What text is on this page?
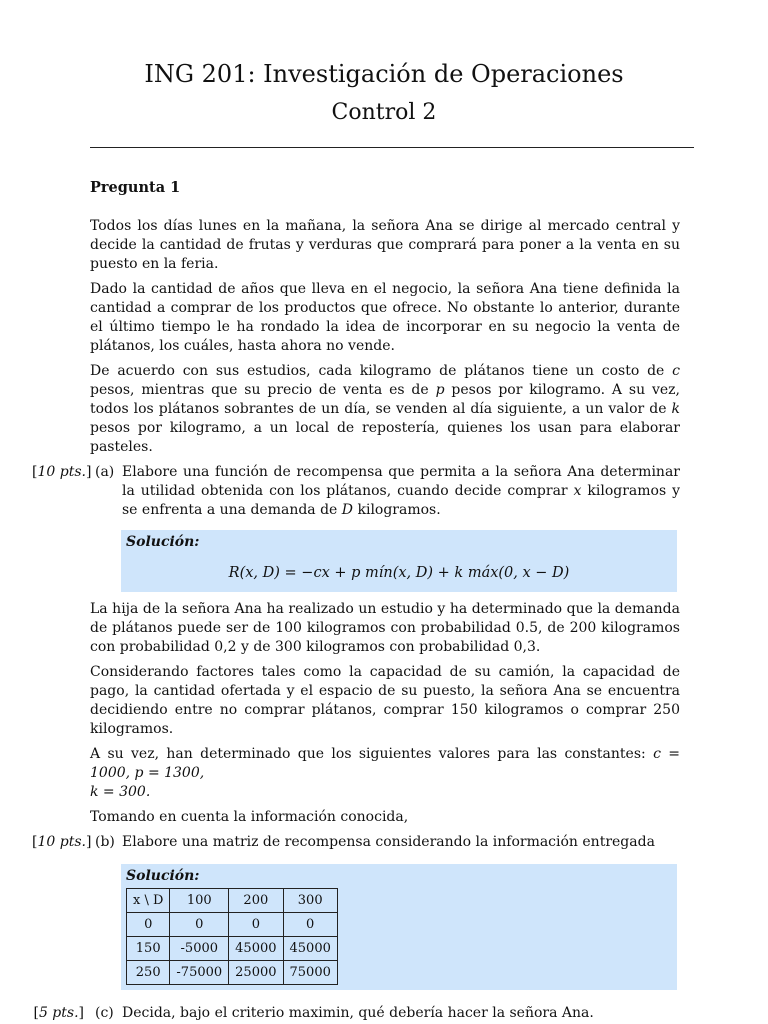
ING 201: Investigación de Operaciones
Control 2
Pregunta 1

Todos los días lunes en la mañana, la señora Ana se dirige al mercado central y decide la cantidad de frutas y verduras que comprará para poner a la venta en su puesto en la feria.

Dado la cantidad de años que lleva en el negocio, la señora Ana tiene definida la cantidad a comprar de los productos que ofrece. No obstante lo anterior, durante el último tiempo le ha rondado la idea de incorporar en su negocio la venta de plátanos, los cuáles, hasta ahora no vende.

De acuerdo con sus estudios, cada kilogramo de plátanos tiene un costo de c pesos, mientras que su precio de venta es de p pesos por kilogramo. A su vez, todos los plátanos sobrantes de un día, se venden al día siguiente, a un valor de k pesos por kilogramo, a un local de repostería, quienes los usan para elaborar pasteles.

[10 pts.] (a) Elabore una función de recompensa que permita a la señora Ana determinar la utilidad obtenida con los plátanos, cuando decide comprar x kilogramos y se enfrenta a una demanda de D kilogramos.
Solución:
R(x, D) = −cx + p mín(x, D) + k máx(0, x − D)

La hija de la señora Ana ha realizado un estudio y ha determinado que la demanda de plátanos puede ser de 100 kilogramos con probabilidad 0.5, de 200 kilogramos con probabilidad 0,2 y de 300 kilogramos con probabilidad 0,3.

Considerando factores tales como la capacidad de su camión, la capacidad de pago, la cantidad ofertada y el espacio de su puesto, la señora Ana se encuentra decidiendo entre no comprar plátanos, comprar 150 kilogramos o comprar 250 kilogramos.

A su vez, han determinado que los siguientes valores para las constantes: c = 1000, p = 1300,
k = 300.

Tomando en cuenta la información conocida,

[10 pts.] (b) Elabore una matriz de recompensa considerando la información entregada
Solución:
x \ D	100	200	300
0	0	0	0
150	-5000	45000	45000
250	-75000	25000	75000
[5 pts.] (c) Decida, bajo el criterio maximin, qué debería hacer la señora Ana.
